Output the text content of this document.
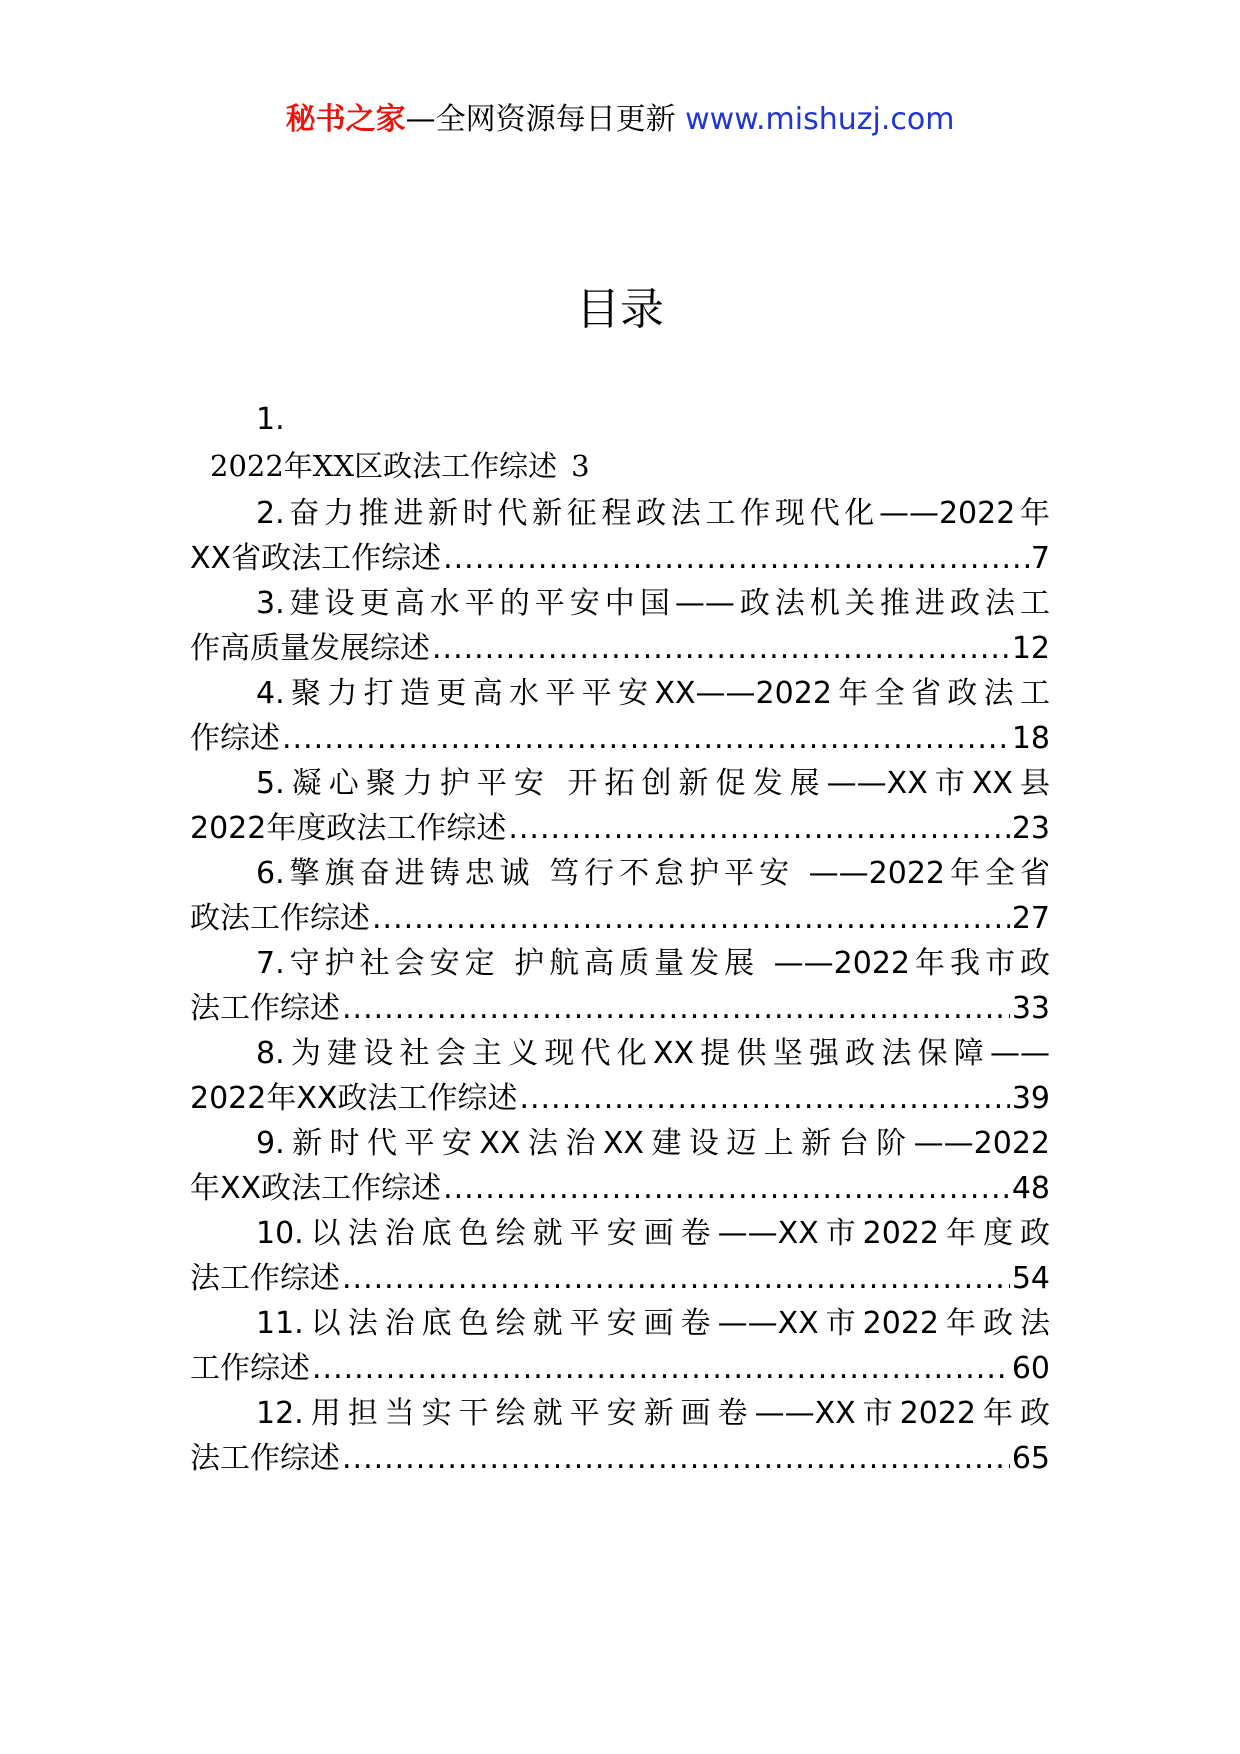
秘书之家—全网资源每日更新 www.mishuzj.com
目录
1.
2022年XX区政法工作综述 3
2.奋力推进新时代新征程政法工作现代化——2022年
XX省政法工作综述 .....	7
3.建设更高水平的平安中国——政法机关推进政法工
作高质量发展综述 .....	12
4.聚力打造更高水平平安XX——2022年全省政法工
作综述 .....	18
5.凝心聚力护平安 开拓创新促发展——XX市XX县
2022年度政法工作综述 .....	23
6.擎旗奋进铸忠诚 笃行不怠护平安 ——2022年全省
政法工作综述 .....	27
7.守护社会安定 护航高质量发展 ——2022年我市政
法工作综述 .....	33
8.为建设社会主义现代化XX提供坚强政法保障——
2022年XX政法工作综述 .....	39
9.新时代平安XX法治XX建设迈上新台阶——2022
年XX政法工作综述 .....	48
10.以法治底色绘就平安画卷——XX市2022年度政
法工作综述 .....	54
11.以法治底色绘就平安画卷——XX市2022年政法
工作综述 .....	60
12.用担当实干绘就平安新画卷——XX市2022年政
法工作综述 .....	65
